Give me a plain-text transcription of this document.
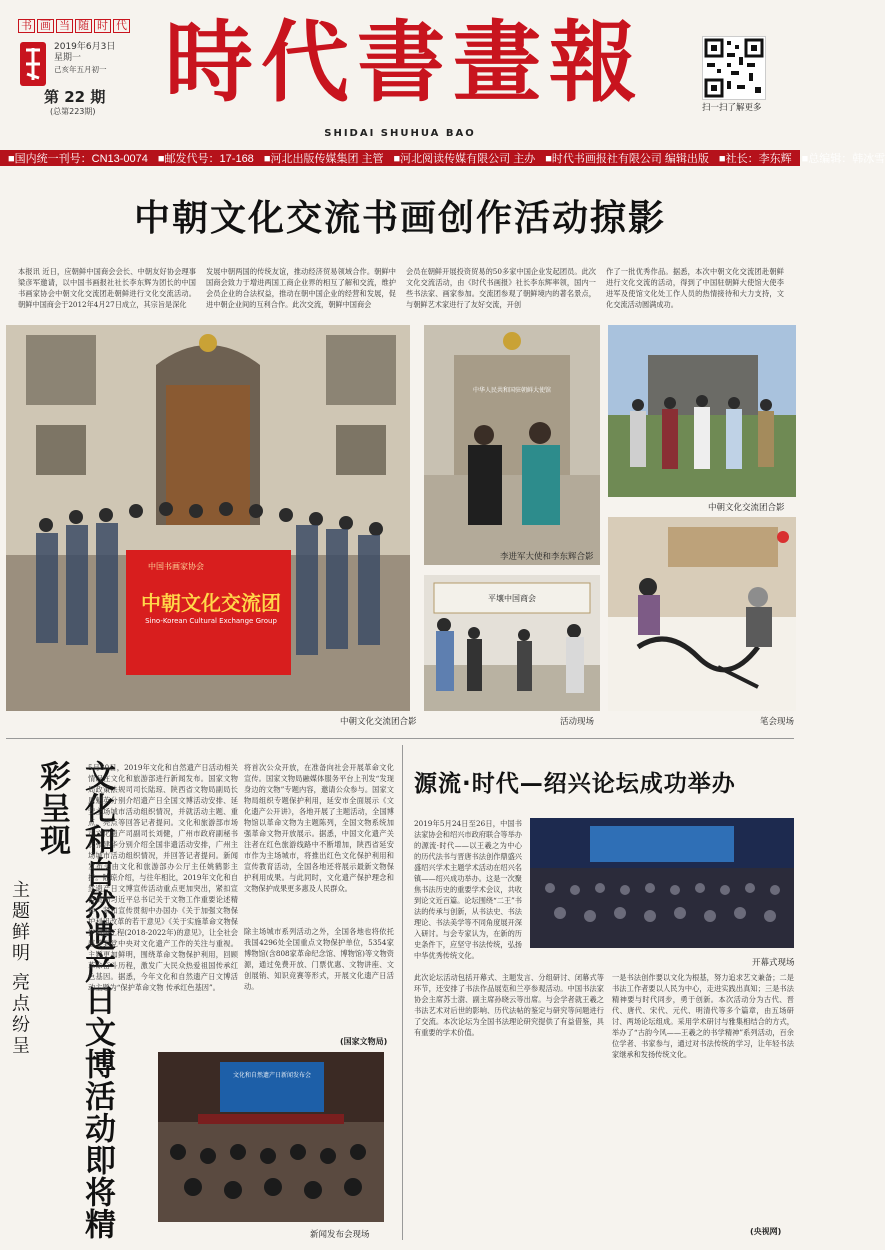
书 画 当 随 时 代
2019年6月3日
星期一
己亥年五月初一
第 22 期
(总第223期) 時代書畫報
SHIDAI SHUHUA BAO
扫一扫了解更多
■国内统一刊号：CN13-0074 ■邮发代号：17-168 ■河北出版传媒集团 主管 ■河北阅读传媒有限公司 主办 ■时代书画报社有限公司 编辑出版 ■社长：李东辉 ■总编辑：韩冰雪
中朝文化交流书画创作活动掠影
本报讯 近日，应朝鲜中国商会会长、中朝友好协会理事梁彦军邀请，以中国书画报社社长李东辉为团长的中国书画家协会中朝文化交流团赴朝鲜进行文化交流活动。朝鲜中国商会于2012年4月27日成立，其宗旨是深化
发展中朝两国的传统友谊，推动经济贸易领域合作。朝鲜中国商会致力于增进两国工商企业界的相互了解和交流，维护会员企业的合法权益，推动在朝中国企业的经营和发展，促进中朝企业间的互利合作。此次交流，朝鲜中国商会
会员在朝鲜开展投资贸易的50多家中国企业发起团员。此次文化交流活动，由《时代书画报》社长李东辉率领，国内一些书法家、画家参加。交流团参观了朝鲜境内的著名景点，与朝鲜艺术家进行了友好交流，开创
作了一批优秀作品。据悉，本次中朝文化交流团赴朝鲜进行文化交流的活动，得到了中国驻朝鲜大使馆大使李进军及使馆文化处工作人员的热情接待和大力支持，文化交流活动圆满成功。
中国书画家协会
中朝文化交流团
Sino-Korean Cultural Exchange Group
中朝文化交流团合影
中华人民共和国驻朝鲜大使馆
李进军大使和李东辉合影
平壤中国商会
活动现场
中朝文化交流团合影
笔会现场
文化和自然遗产日文博活动即将精彩呈现
主题鲜明 亮点纷呈
5月30日，2019年文化和自然遗产日活动相关情况在文化和旅游部进行新闻发布。国家文物局政策法规司司长陆琼、陕西省文物局副局长周魁英分别介绍遗产日全国文博活动安排、延安主场城市活动组织情况，并就活动主题、重点、亮点等回答记者提问。文化和旅游部市场司文化遗产司副司长刘健，广州市政府副秘书长张建华分别介绍全国非遗活动安排，广州主场城市活动组织情况，并回答记者提问。新闻发布会由文化和旅游部办公厅主任姚鹤影主持。陆琼介绍，与往年相比，2019年文化和自然遗产日文博宣传活动重点更加突出，紧扣宣传贯彻习近平总书记关于文物工作重要论述精神，紧扣宣传贯彻中办国办《关于加强文物保护利用改革的若干意见》《关于实施革命文物保护利用工程(2018-2022年)的意见》，让全社会感受到党中央对文化遗产工作的关注与重视。主题更加鲜明，围绕革命文物保护利用，回顾革命奋斗历程，激发广大民众热爱祖国传承红色基因。据悉，今年文化和自然遗产日文博活动主题为“保护革命文物 传承红色基因”。
将首次公众开放，在准备向社会开展革命文化宣传。国家文物局融媒体服务平台上刊发“发现身边的文物”专题内容，邀请公众参与。国家文物局组织专题保护利用，延安市全面展示《文化遗产公开讲》，各地开展了主题活动，全国博物馆以革命文物为主题陈列，全国文物系统加强革命文物开放展示。据悉，中国文化遗产关注者在红色旅游线路中不断增加，陕西省延安市作为主场城市，将推出红色文化保护利用和宣传教育活动，全国各地还将展示最新文物保护利用成果。与此同时，文化遗产保护理念和文物保护成果更多惠及人民群众。
除主场城市系列活动之外，全国各地也将依托我国4296处全国重点文物保护单位，5354家博物馆(含808家革命纪念馆、博物馆)等文物资源，通过免费开放、门票优惠、文物讲座、文创展销、知识竞赛等形式，开展文化遗产日活动。
(国家文物局)
文化和自然遗产日新闻发布会
新闻发布会现场
源流·时代—绍兴论坛成功举办
2019年5月24日至26日，中国书法家协会和绍兴市政府联合等举办的源流·时代——以王羲之为中心的历代法书与晋唐书法创作鼎盛兴盛绍兴学术主题学术活动在绍兴名镇——绍兴成功举办。这是一次聚焦书法历史的重要学术会议，共收到论文近百篇。论坛围绕“二王”书法的传承与创新，从书法史、书法理论、书法美学等不同角度展开深入研讨。与会专家认为，在新的历史条件下，应坚守书法传统，弘扬中华优秀传统文化。
开幕式现场
此次论坛活动包括开幕式、主题发言、分组研讨、闭幕式等环节，还安排了书法作品展览和兰亭参观活动。中国书法家协会主席苏士澍、副主席孙晓云等出席。与会学者就王羲之书法艺术对后世的影响、历代法帖的鉴定与研究等问题进行了交流。本次论坛为全国书法理论研究提供了有益借鉴，具有重要的学术价值。
一是书法创作要以文化为根基，努力追求艺文兼备；二是书法工作者要以人民为中心，走进实践出真知；三是书法精神要与时代同步，勇于创新。本次活动分为古代、晋代、唐代、宋代、元代、明清代等多个篇章，由五场研讨、两场论坛组成。采用学术研讨与雅集相结合的方式，举办了“古韵今风——王羲之的书学精神”系列活动，百余位学者、书家参与，通过对书法传统的学习，让年轻书法家继承和发扬传统文化。
(央视网)
